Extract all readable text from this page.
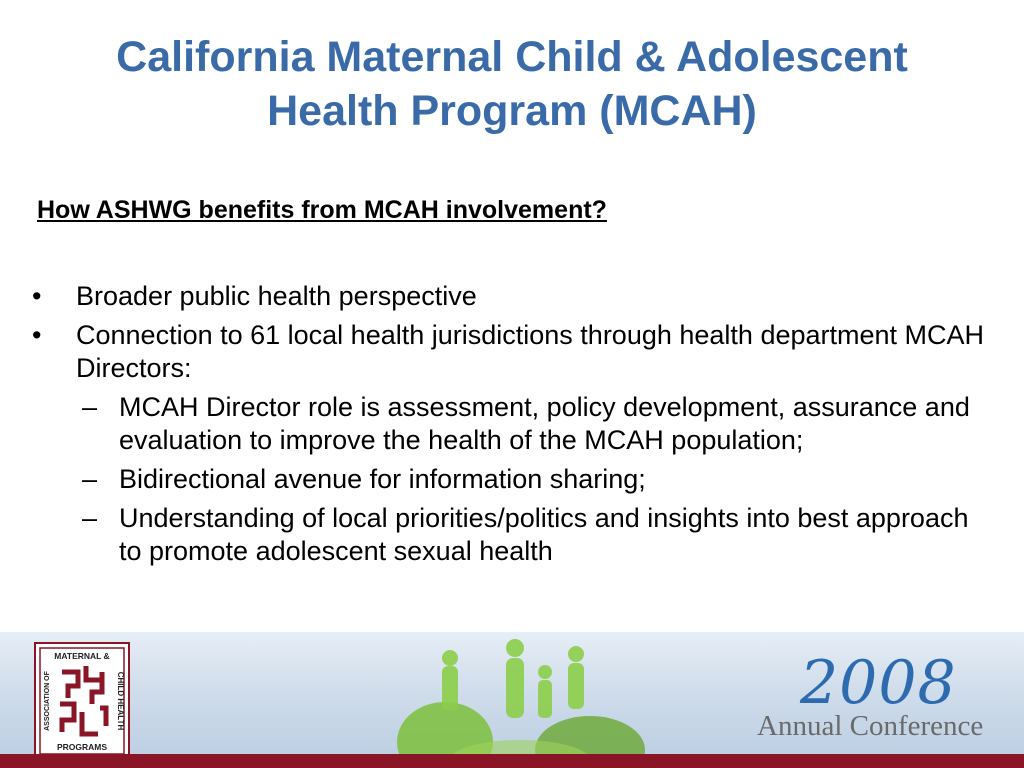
California Maternal Child & Adolescent
Health Program (MCAH)
How ASHWG benefits from MCAH involvement?
• Broader public health perspective
• Connection to 61 local health jurisdictions through health department MCAH Directors:
– MCAH Director role is assessment, policy development, assurance and evaluation to improve the health of the MCAH population;
– Bidirectional avenue for information sharing;
– Understanding of local priorities/politics and insights into best approach to promote adolescent sexual health
MATERNAL &
PROGRAMS
CHILD HEALTH
ASSOCIATION OF	2008
Annual Conference
